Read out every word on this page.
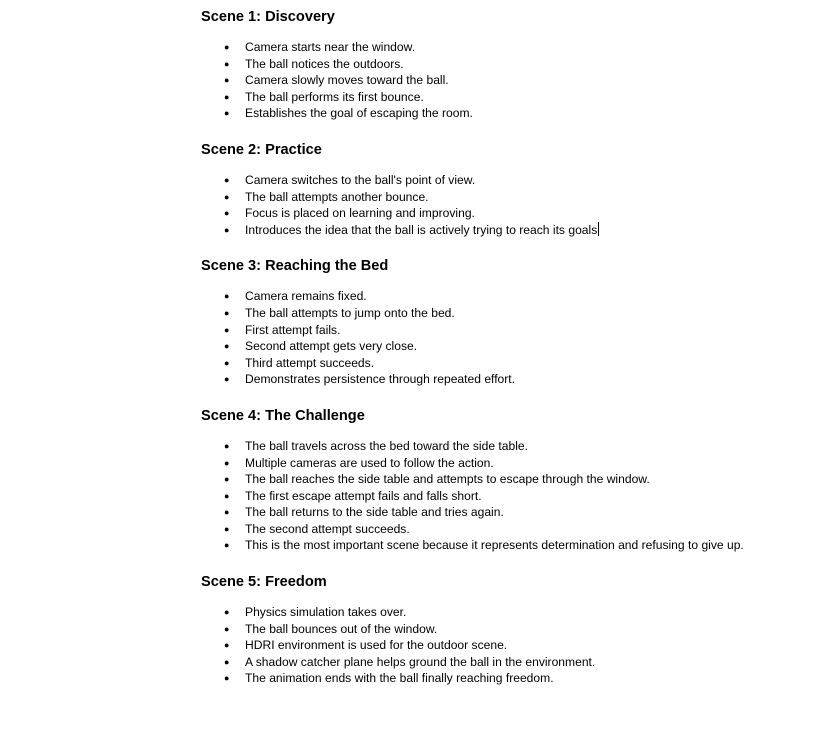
Scene 1: Discovery
● Camera starts near the window.
● The ball notices the outdoors.
● Camera slowly moves toward the ball.
● The ball performs its first bounce.
● Establishes the goal of escaping the room.
Scene 2: Practice
● Camera switches to the ball's point of view.
● The ball attempts another bounce.
● Focus is placed on learning and improving.
● Introduces the idea that the ball is actively trying to reach its goals
Scene 3: Reaching the Bed
● Camera remains fixed.
● The ball attempts to jump onto the bed.
● First attempt fails.
● Second attempt gets very close.
● Third attempt succeeds.
● Demonstrates persistence through repeated effort.
Scene 4: The Challenge
● The ball travels across the bed toward the side table.
● Multiple cameras are used to follow the action.
● The ball reaches the side table and attempts to escape through the window.
● The first escape attempt fails and falls short.
● The ball returns to the side table and tries again.
● The second attempt succeeds.
● This is the most important scene because it represents determination and refusing to give up.
Scene 5: Freedom
● Physics simulation takes over.
● The ball bounces out of the window.
● HDRI environment is used for the outdoor scene.
● A shadow catcher plane helps ground the ball in the environment.
● The animation ends with the ball finally reaching freedom.
